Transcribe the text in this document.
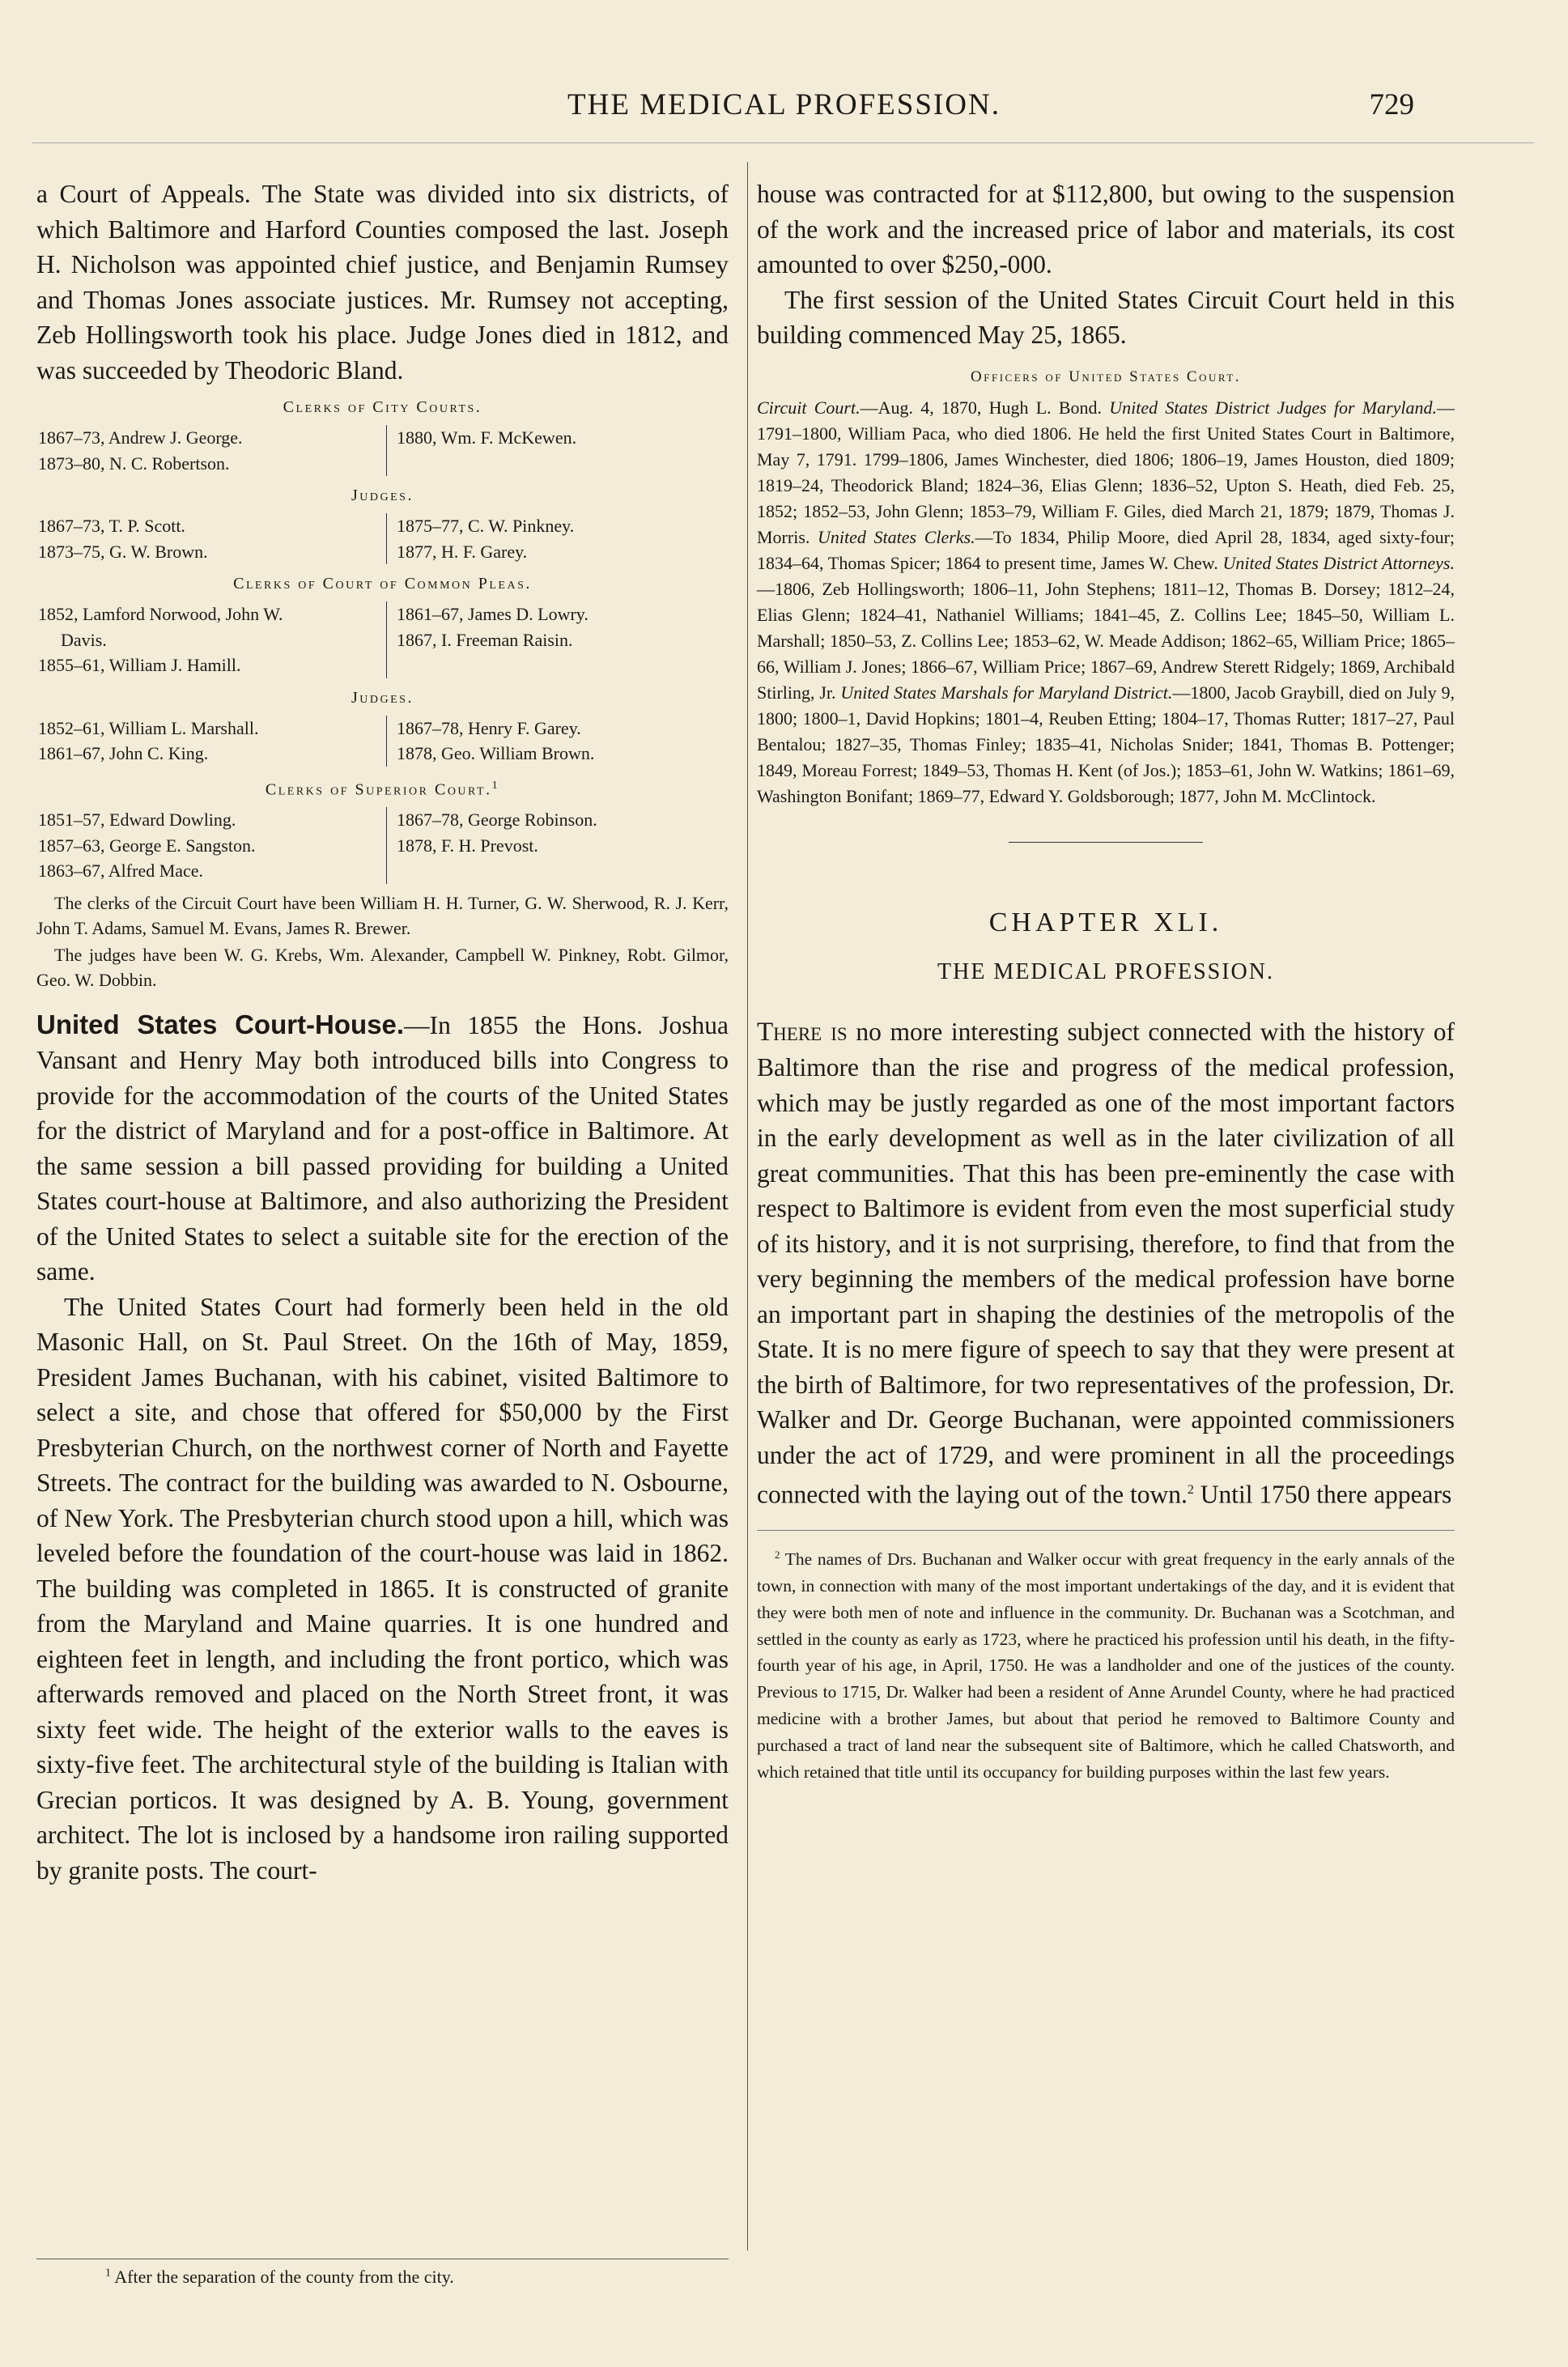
THE MEDICAL PROFESSION.	729

a Court of Appeals. The State was divided into six districts, of which Baltimore and Harford Counties composed the last. Joseph H. Nicholson was appointed chief justice, and Benjamin Rumsey and Thomas Jones associate justices. Mr. Rumsey not accepting, Zeb Hollingsworth took his place. Judge Jones died in 1812, and was succeeded by Theodoric Bland.

Clerks of City Courts.
1867–73, Andrew J. George.
1873–80, N. C. Robertson.
1880, Wm. F. McKewen.

Judges.
1867–73, T. P. Scott.
1873–75, G. W. Brown.
1875–77, C. W. Pinkney.
1877, H. F. Garey.
Clerks of Court of Common Pleas.
1852, Lamford Norwood, John W.
Davis.
1855–61, William J. Hamill.
1861–67, James D. Lowry.
1867, I. Freeman Raisin.

Judges.
1852–61, William L. Marshall.
1861–67, John C. King.
1867–78, Henry F. Garey.
1878, Geo. William Brown.
Clerks of Superior Court.$^1$
1851–57, Edward Dowling.
1857–63, George E. Sangston.
1863–67, Alfred Mace.
1867–78, George Robinson.
1878, F. H. Prevost.

The clerks of the Circuit Court have been William H. H. Turner, G. W. Sherwood, R. J. Kerr, John T. Adams, Samuel M. Evans, James R. Brewer.

The judges have been W. G. Krebs, Wm. Alexander, Campbell W. Pinkney, Robt. Gilmor, Geo. W. Dobbin.

United States Court-House.—In 1855 the Hons. Joshua Vansant and Henry May both introduced bills into Congress to provide for the accommodation of the courts of the United States for the district of Maryland and for a post-office in Baltimore. At the same session a bill passed providing for building a United States court-house at Baltimore, and also authorizing the President of the United States to select a suitable site for the erection of the same.

The United States Court had formerly been held in the old Masonic Hall, on St. Paul Street. On the 16th of May, 1859, President James Buchanan, with his cabinet, visited Baltimore to select a site, and chose that offered for $50,000 by the First Presbyterian Church, on the northwest corner of North and Fayette Streets. The contract for the building was awarded to N. Osbourne, of New York. The Presbyterian church stood upon a hill, which was leveled before the foundation of the court-house was laid in 1862. The building was completed in 1865. It is constructed of granite from the Maryland and Maine quarries. It is one hundred and eighteen feet in length, and including the front portico, which was afterwards removed and placed on the North Street front, it was sixty feet wide. The height of the exterior walls to the eaves is sixty-five feet. The architectural style of the building is Italian with Grecian porticos. It was designed by A. B. Young, government architect. The lot is inclosed by a handsome iron railing supported by granite posts. The court-

$^1$ After the separation of the county from the city.

house was contracted for at $112,800, but owing to the suspension of the work and the increased price of labor and materials, its cost amounted to over $250,-000.

The first session of the United States Circuit Court held in this building commenced May 25, 1865.

Officers of United States Court.

Circuit Court.—Aug. 4, 1870, Hugh L. Bond. United States District Judges for Maryland.—1791–1800, William Paca, who died 1806. He held the first United States Court in Baltimore, May 7, 1791. 1799–1806, James Winchester, died 1806; 1806–19, James Houston, died 1809; 1819–24, Theodorick Bland; 1824–36, Elias Glenn; 1836–52, Upton S. Heath, died Feb. 25, 1852; 1852–53, John Glenn; 1853–79, William F. Giles, died March 21, 1879; 1879, Thomas J. Morris. United States Clerks.—To 1834, Philip Moore, died April 28, 1834, aged sixty-four; 1834–64, Thomas Spicer; 1864 to present time, James W. Chew. United States District Attorneys.—1806, Zeb Hollingsworth; 1806–11, John Stephens; 1811–12, Thomas B. Dorsey; 1812–24, Elias Glenn; 1824–41, Nathaniel Williams; 1841–45, Z. Collins Lee; 1845–50, William L. Marshall; 1850–53, Z. Collins Lee; 1853–62, W. Meade Addison; 1862–65, William Price; 1865–66, William J. Jones; 1866–67, William Price; 1867–69, Andrew Sterett Ridgely; 1869, Archibald Stirling, Jr. United States Marshals for Maryland District.—1800, Jacob Graybill, died on July 9, 1800; 1800–1, David Hopkins; 1801–4, Reuben Etting; 1804–17, Thomas Rutter; 1817–27, Paul Bentalou; 1827–35, Thomas Finley; 1835–41, Nicholas Snider; 1841, Thomas B. Pottenger; 1849, Moreau Forrest; 1849–53, Thomas H. Kent (of Jos.); 1853–61, John W. Watkins; 1861–69, Washington Bonifant; 1869–77, Edward Y. Goldsborough; 1877, John M. McClintock.

CHAPTER XLI.
THE MEDICAL PROFESSION.

There is no more interesting subject connected with the history of Baltimore than the rise and progress of the medical profession, which may be justly regarded as one of the most important factors in the early development as well as in the later civilization of all great communities. That this has been pre-eminently the case with respect to Baltimore is evident from even the most superficial study of its history, and it is not surprising, therefore, to find that from the very beginning the members of the medical profession have borne an important part in shaping the destinies of the metropolis of the State. It is no mere figure of speech to say that they were present at the birth of Baltimore, for two representatives of the profession, Dr. Walker and Dr. George Buchanan, were appointed commissioners under the act of 1729, and were prominent in all the proceedings connected with the laying out of the town.$^2$ Until 1750 there appears

$^2$ The names of Drs. Buchanan and Walker occur with great frequency in the early annals of the town, in connection with many of the most important undertakings of the day, and it is evident that they were both men of note and influence in the community. Dr. Buchanan was a Scotchman, and settled in the county as early as 1723, where he practiced his profession until his death, in the fifty-fourth year of his age, in April, 1750. He was a landholder and one of the justices of the county. Previous to 1715, Dr. Walker had been a resident of Anne Arundel County, where he had practiced medicine with a brother James, but about that period he removed to Baltimore County and purchased a tract of land near the subsequent site of Baltimore, which he called Chatsworth, and which retained that title until its occupancy for building purposes within the last few years.
